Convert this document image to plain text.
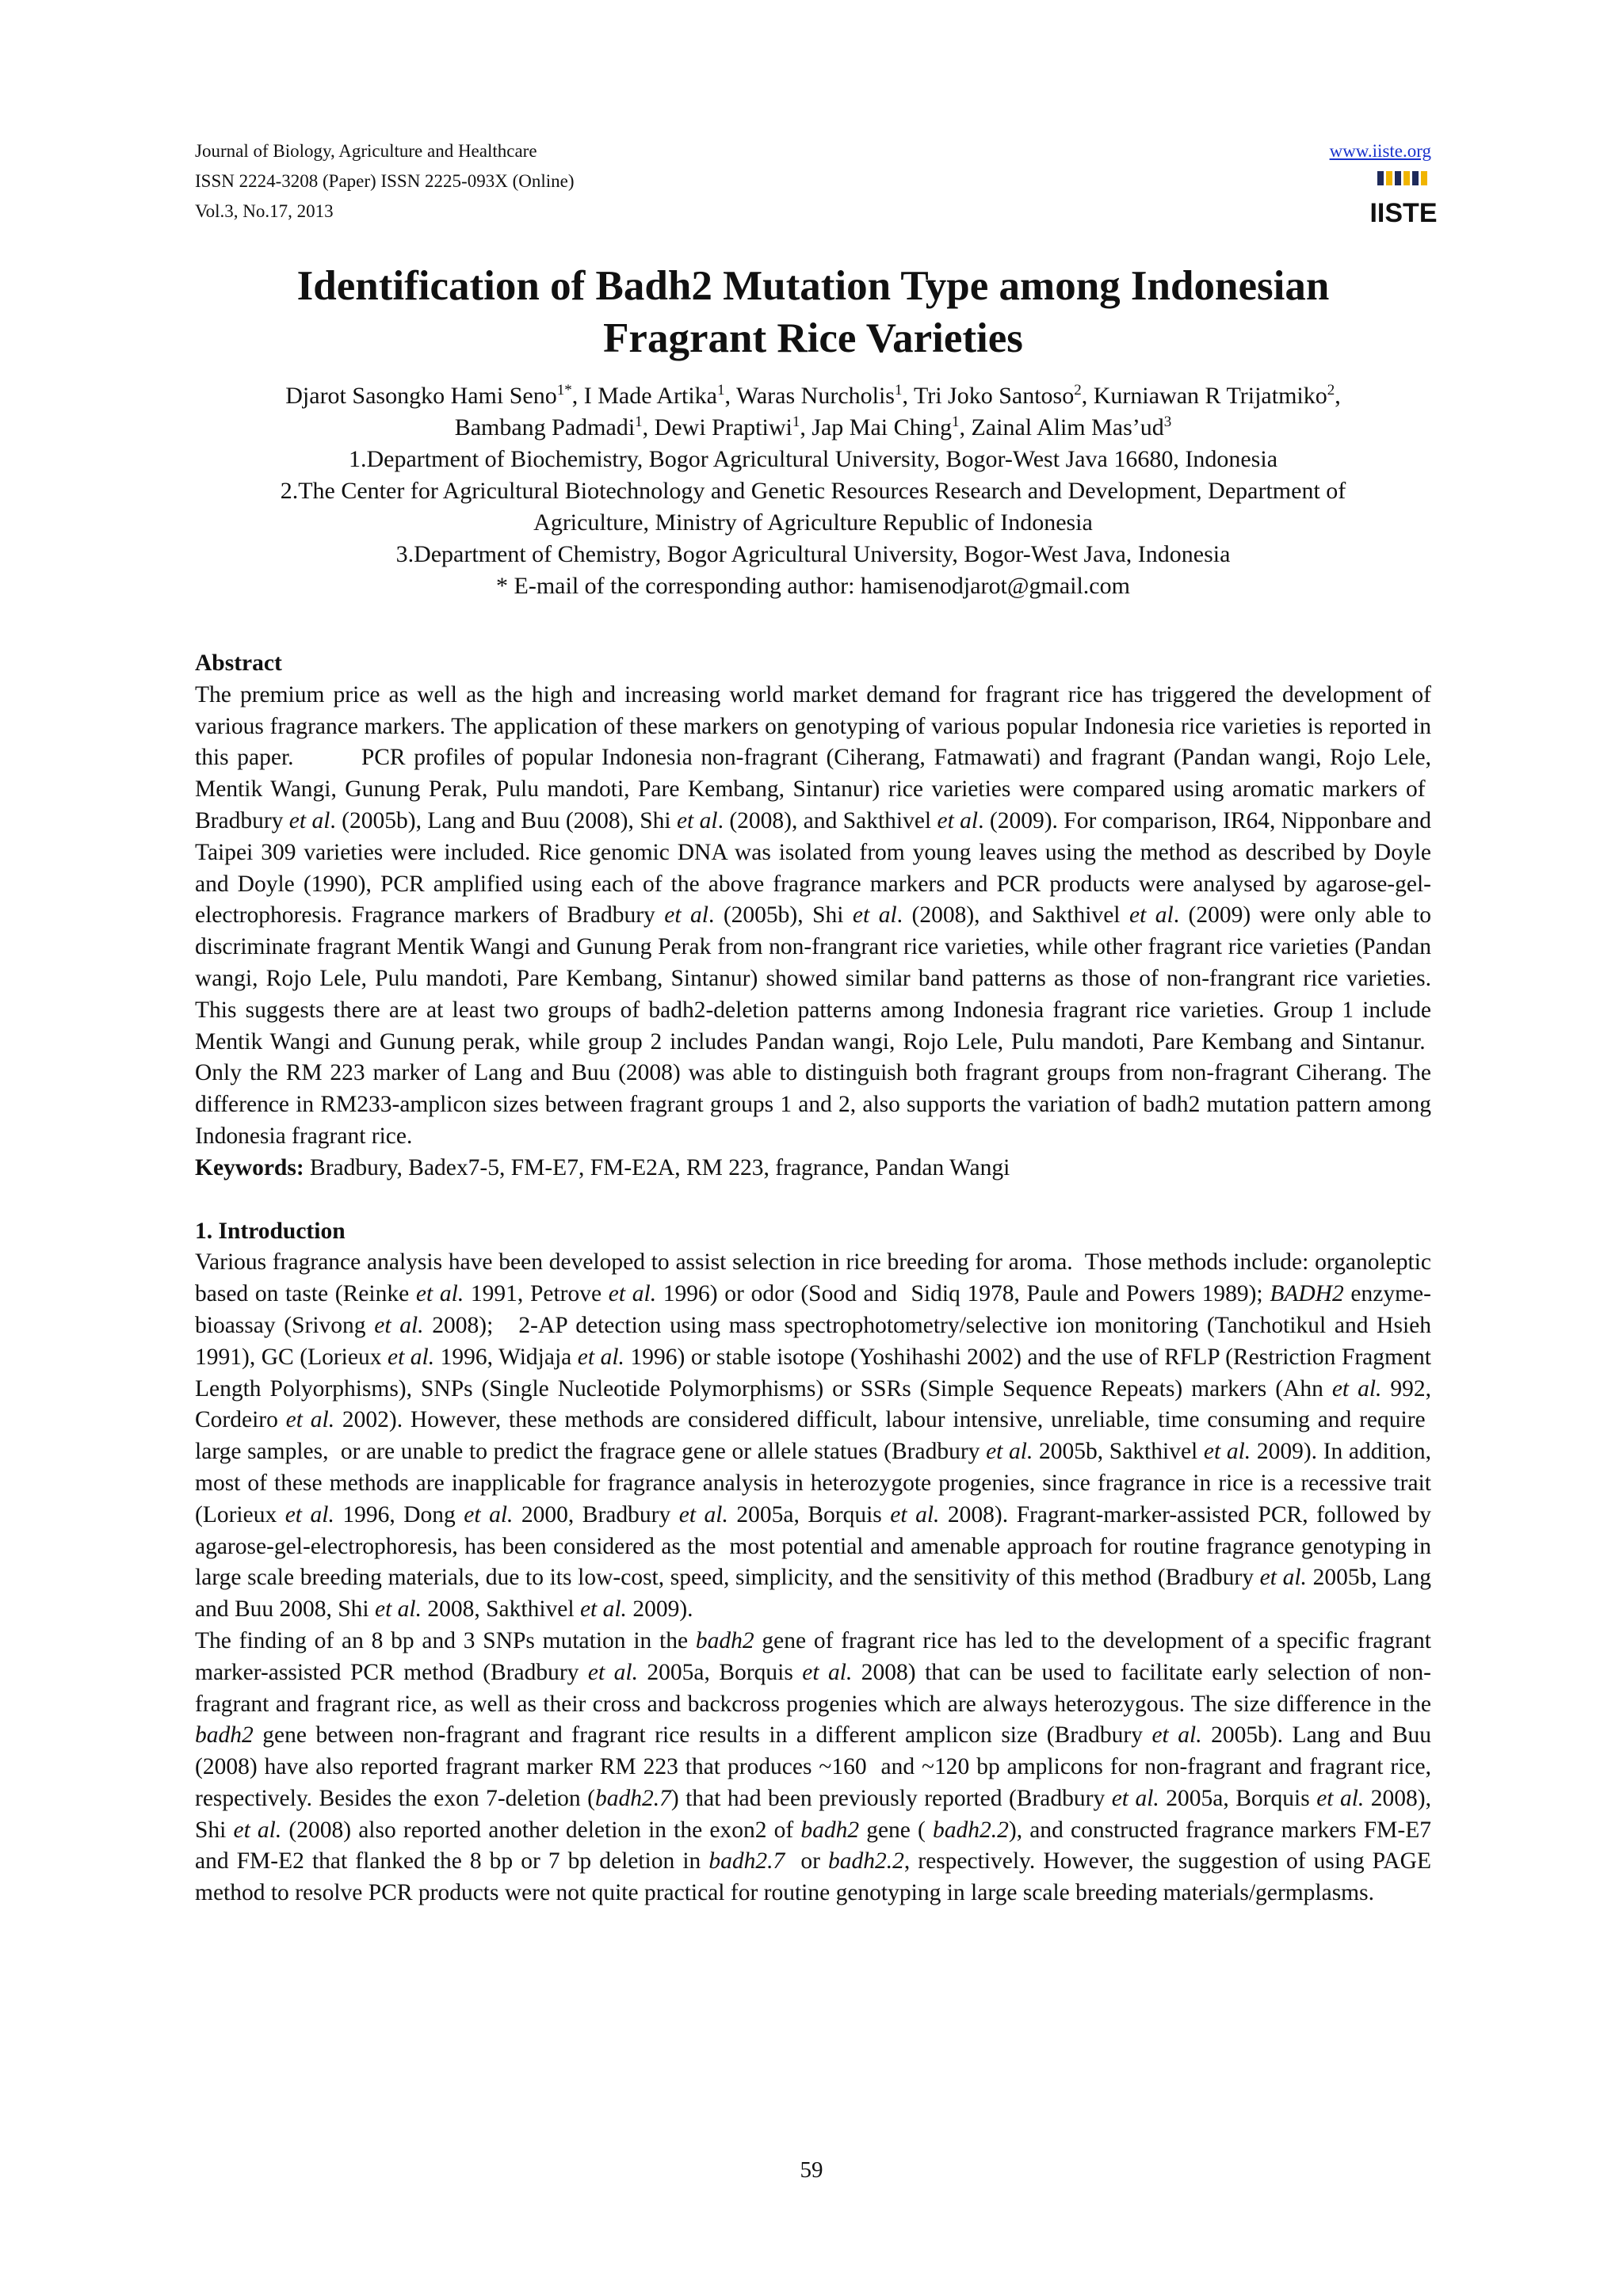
Journal of Biology, Agriculture and Healthcare
ISSN 2224-3208 (Paper) ISSN 2225-093X (Online)
Vol.3, No.17, 2013
www.iiste.org
IISTE
Identification of Badh2 Mutation Type among Indonesian
Fragrant Rice Varieties
Djarot Sasongko Hami Seno$^{1*}$, I Made Artika$^1$, Waras Nurcholis$^1$, Tri Joko Santoso$^2$, Kurniawan R Trijatmiko$^2$,
Bambang Padmadi$^1$, Dewi Praptiwi$^1$, Jap Mai Ching$^1$, Zainal Alim $Mas’ud^3$
1.Department of Biochemistry, Bogor Agricultural University, Bogor-West Java 16680, Indonesia
2.The Center for Agricultural Biotechnology and Genetic Resources Research and Development, Department of
Agriculture, Ministry of Agriculture Republic of Indonesia
3.Department of Chemistry, Bogor Agricultural University, Bogor-West Java, Indonesia
* E-mail of the corresponding author: hamisenodjarot@gmail.com

Abstract

The premium price as well as the high and increasing world market demand for fragrant rice has triggered the development of various fragrance markers. The application of these markers on genotyping of various popular Indonesia rice varieties is reported in this paper.        PCR profiles of popular Indonesia non-fragrant (Ciherang, Fatmawati) and fragrant (Pandan wangi, Rojo Lele, Mentik Wangi, Gunung Perak, Pulu mandoti, Pare Kembang, Sintanur) rice varieties were compared using aromatic markers of  Bradbury et al. (2005b), Lang and Buu (2008), Shi et al. (2008), and Sakthivel et al. (2009). For comparison, IR64, Nipponbare and Taipei 309 varieties were included. Rice genomic DNA was isolated from young leaves using the method as described by Doyle and Doyle (1990), PCR amplified using each of the above fragrance markers and PCR products were analysed by agarose-gel-electrophoresis. Fragrance markers of Bradbury et al. (2005b), Shi et al. (2008), and Sakthivel et al. (2009) were only able to discriminate fragrant Mentik Wangi and Gunung Perak from non-frangrant rice varieties, while other fragrant rice varieties (Pandan wangi, Rojo Lele, Pulu mandoti, Pare Kembang, Sintanur) showed similar band patterns as those of non-frangrant rice varieties. This suggests there are at least two groups of badh2-deletion patterns among Indonesia fragrant rice varieties. Group 1 include Mentik Wangi and Gunung perak, while group 2 includes Pandan wangi, Rojo Lele, Pulu mandoti, Pare Kembang and Sintanur.  Only the RM 223 marker of Lang and Buu (2008) was able to distinguish both fragrant groups from non-fragrant Ciherang. The difference in RM233-amplicon sizes between fragrant groups 1 and 2, also supports the variation of badh2 mutation pattern among Indonesia fragrant rice.

Keywords: Bradbury, Badex7-5, FM-E7, FM-E2A, RM 223, fragrance, Pandan Wangi

1. Introduction

Various fragrance analysis have been developed to assist selection in rice breeding for aroma.  Those methods include: organoleptic based on taste (Reinke et al. 1991, Petrove et al. 1996) or odor (Sood and  Sidiq 1978, Paule and Powers 1989); BADH2 enzyme-bioassay (Srivong et al. 2008);   2-AP detection using mass spectrophotometry/selective ion monitoring (Tanchotikul and Hsieh 1991), GC (Lorieux et al. 1996, Widjaja et al. 1996) or stable isotope (Yoshihashi 2002) and the use of RFLP (Restriction Fragment Length Polyorphisms), SNPs (Single Nucleotide Polymorphisms) or SSRs (Simple Sequence Repeats) markers (Ahn et al. 992, Cordeiro et al. 2002). However, these methods are considered difficult, labour intensive, unreliable, time consuming and require  large samples,  or are unable to predict the fragrace gene or allele statues (Bradbury et al. 2005b, Sakthivel et al. 2009). In addition, most of these methods are inapplicable for fragrance analysis in heterozygote progenies, since fragrance in rice is a recessive trait (Lorieux et al. 1996, Dong et al. 2000, Bradbury et al. 2005a, Borquis et al. 2008). Fragrant-marker-assisted PCR, followed by agarose-gel-electrophoresis, has been considered as the  most potential and amenable approach for routine fragrance genotyping in large scale breeding materials, due to its low-cost, speed, simplicity, and the sensitivity of this method (Bradbury et al. 2005b, Lang and Buu 2008, Shi et al. 2008, Sakthivel et al. 2009).

The finding of an 8 bp and 3 SNPs mutation in the badh2 gene of fragrant rice has led to the development of a specific fragrant marker-assisted PCR method (Bradbury et al. 2005a, Borquis et al. 2008) that can be used to facilitate early selection of non-fragrant and fragrant rice, as well as their cross and backcross progenies which are always heterozygous. The size difference in the badh2 gene between non-fragrant and fragrant rice results in a different amplicon size (Bradbury et al. 2005b). Lang and Buu (2008) have also reported fragrant marker RM 223 that produces ~160  and ~120 bp amplicons for non-fragrant and fragrant rice, respectively. Besides the exon 7-deletion (badh2.7) that had been previously reported (Bradbury et al. 2005a, Borquis et al. 2008), Shi et al. (2008) also reported another deletion in the exon2 of badh2 gene ( badh2.2), and constructed fragrance markers FM-E7 and FM-E2 that flanked the 8 bp or 7 bp deletion in badh2.7  or badh2.2, respectively. However, the suggestion of using PAGE method to resolve PCR products were not quite practical for routine genotyping in large scale breeding materials/germplasms.

59
